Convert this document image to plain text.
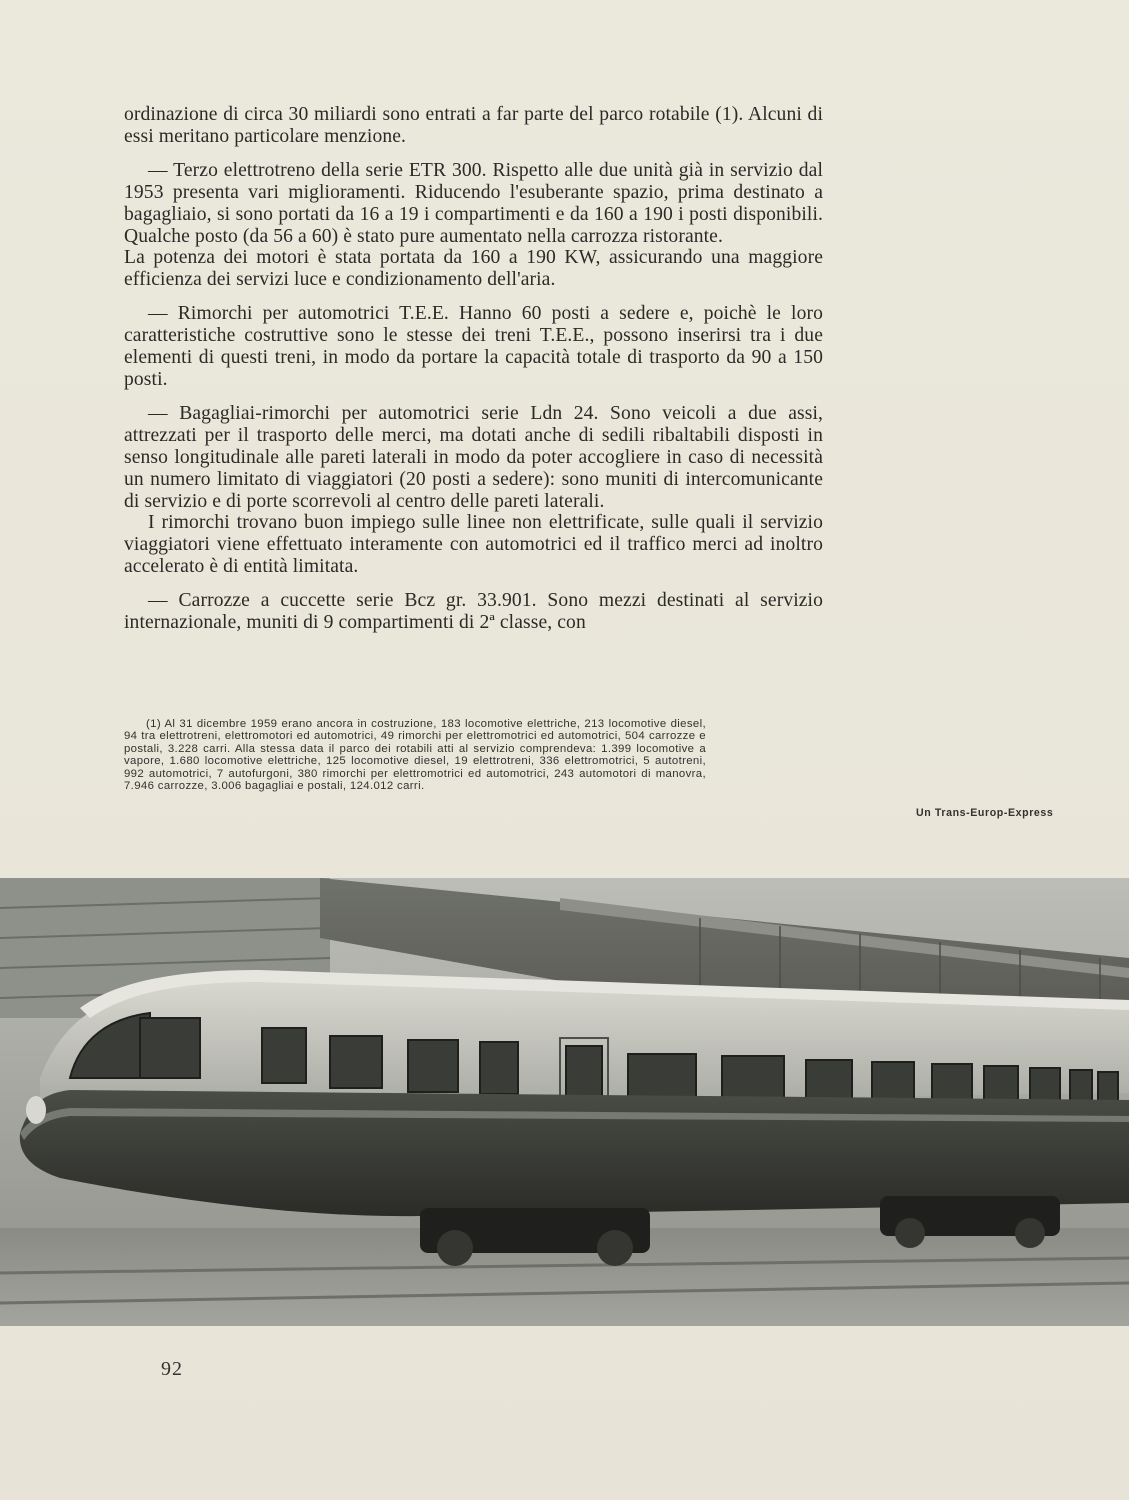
ordinazione di circa 30 miliardi sono entrati a far parte del parco rotabile (1). Alcuni di essi meritano particolare menzione.

— Terzo elettrotreno della serie ETR 300. Rispetto alle due unità già in servizio dal 1953 presenta vari miglioramenti. Riducendo l'esuberante spazio, prima destinato a bagagliaio, si sono portati da 16 a 19 i compartimenti e da 160 a 190 i posti disponibili. Qualche posto (da 56 a 60) è stato pure aumentato nella carrozza ristorante.

La potenza dei motori è stata portata da 160 a 190 KW, assicurando una maggiore efficienza dei servizi luce e condizionamento dell'aria.

— Rimorchi per automotrici T.E.E. Hanno 60 posti a sedere e, poichè le loro caratteristiche costruttive sono le stesse dei treni T.E.E., possono inserirsi tra i due elementi di questi treni, in modo da portare la capacità totale di trasporto da 90 a 150 posti.

— Bagagliai-rimorchi per automotrici serie Ldn 24. Sono veicoli a due assi, attrezzati per il trasporto delle merci, ma dotati anche di sedili ribaltabili disposti in senso longitudinale alle pareti laterali in modo da poter accogliere in caso di necessità un numero limitato di viaggiatori (20 posti a sedere): sono muniti di intercomunicante di servizio e di porte scorrevoli al centro delle pareti laterali.

I rimorchi trovano buon impiego sulle linee non elettrificate, sulle quali il servizio viaggiatori viene effettuato interamente con automotrici ed il traffico merci ad inoltro accelerato è di entità limitata.

— Carrozze a cuccette serie Bcz gr. 33.901. Sono mezzi destinati al servizio internazionale, muniti di 9 compartimenti di 2ª classe, con

(1) Al 31 dicembre 1959 erano ancora in costruzione, 183 locomotive elettriche, 213 locomotive diesel, 94 tra elettrotreni, elettromotori ed automotrici, 49 rimorchi per elettromotrici ed automotrici, 504 carrozze e postali, 3.228 carri. Alla stessa data il parco dei rotabili atti al servizio comprendeva: 1.399 locomotive a vapore, 1.680 locomotive elettriche, 125 locomotive diesel, 19 elettrotreni, 336 elettromotrici, 5 autotreni, 992 automotrici, 7 autofurgoni, 380 rimorchi per elettromotrici ed automotrici, 243 automotori di manovra, 7.946 carrozze, 3.006 bagagliai e postali, 124.012 carri.

Un Trans-Europ-Express
92
